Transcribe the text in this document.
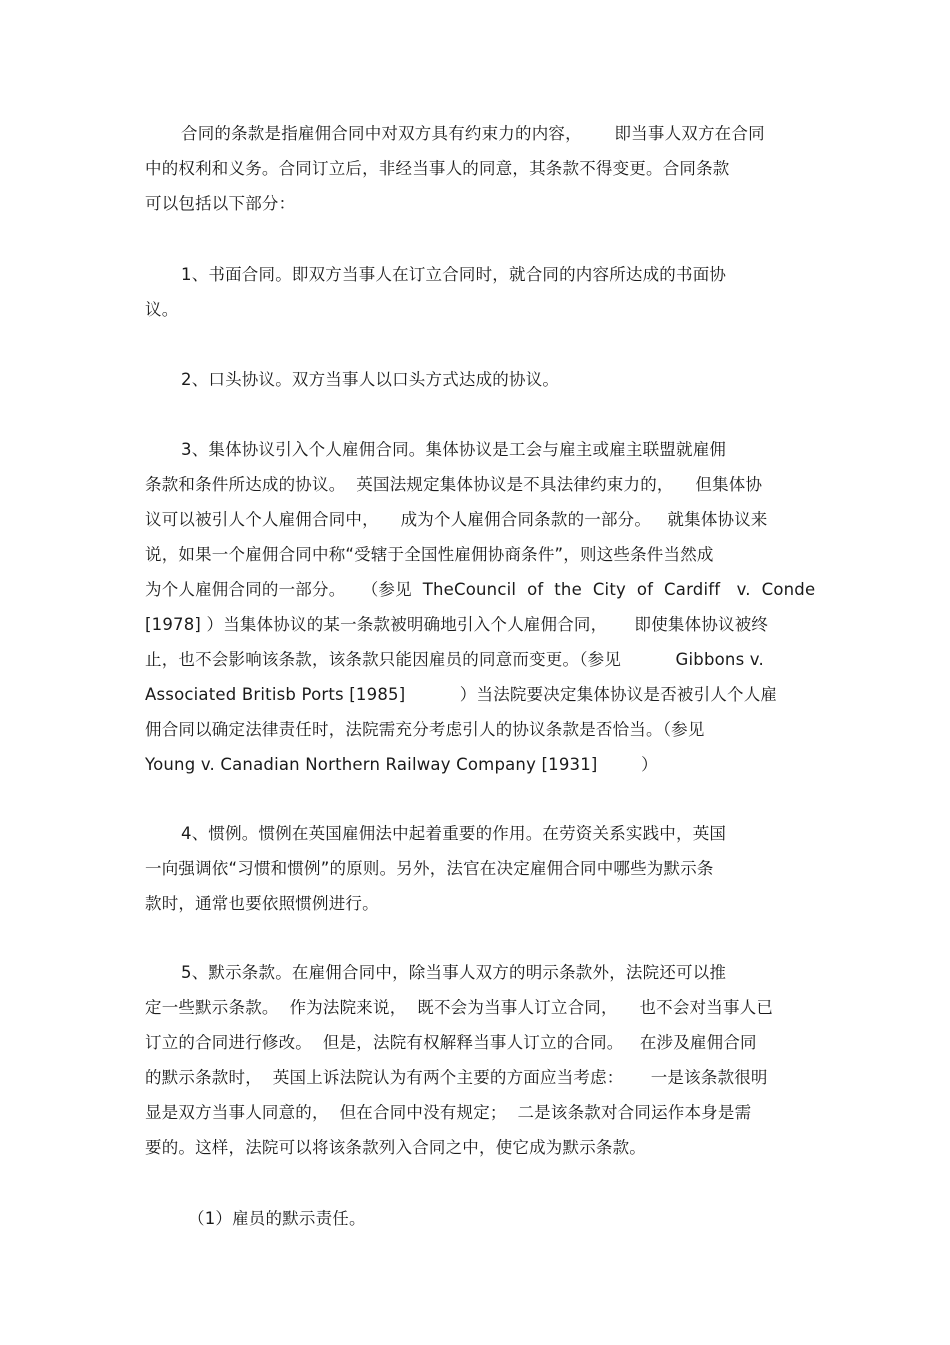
合同的条款是指雇佣合同中对双方具有约束力的内容，      即当事人双方在合同
中的权利和义务。合同订立后，非经当事人的同意，其条款不得变更。合同条款
可以包括以下部分：
1、书面合同。即双方当事人在订立合同时，就合同的内容所达成的书面协
议。
2、口头协议。双方当事人以口头方式达成的协议。
3、集体协议引入个人雇佣合同。集体协议是工会与雇主或雇主联盟就雇佣
条款和条件所达成的协议。  英国法规定集体协议是不具法律约束力的，    但集体协
议可以被引人个人雇佣合同中，    成为个人雇佣合同条款的一部分。   就集体协议来
说，如果一个雇佣合同中称“受辖于全国性雇佣协商条件”，则这些条件当然成
为个人雇佣合同的一部分。   （参见  TheCouncil  of  the  City  of  Cardiff   v.  Conde
[1978] ）当集体协议的某一条款被明确地引入个人雇佣合同，     即使集体协议被终
止，也不会影响该条款，该条款只能因雇员的同意而变更。（参见          Gibbons v.
Associated Britisb Ports [1985]          ）当法院要决定集体协议是否被引人个人雇
佣合同以确定法律责任时，法院需充分考虑引人的协议条款是否恰当。（参见
Young v. Canadian Northern Railway Company [1931]        ）
4、惯例。惯例在英国雇佣法中起着重要的作用。在劳资关系实践中，英国
一向强调依“习惯和惯例”的原则。另外，法官在决定雇佣合同中哪些为默示条
款时，通常也要依照惯例进行。
5、默示条款。在雇佣合同中，除当事人双方的明示条款外，法院还可以推
定一些默示条款。  作为法院来说，  既不会为当事人订立合同，    也不会对当事人已
订立的合同进行修改。  但是，法院有权解释当事人订立的合同。   在涉及雇佣合同
的默示条款时，  英国上诉法院认为有两个主要的方面应当考虑：     一是该条款很明
显是双方当事人同意的，  但在合同中没有规定；  二是该条款对合同运作本身是需
要的。这样，法院可以将该条款列入合同之中，使它成为默示条款。
（1）雇员的默示责任。
